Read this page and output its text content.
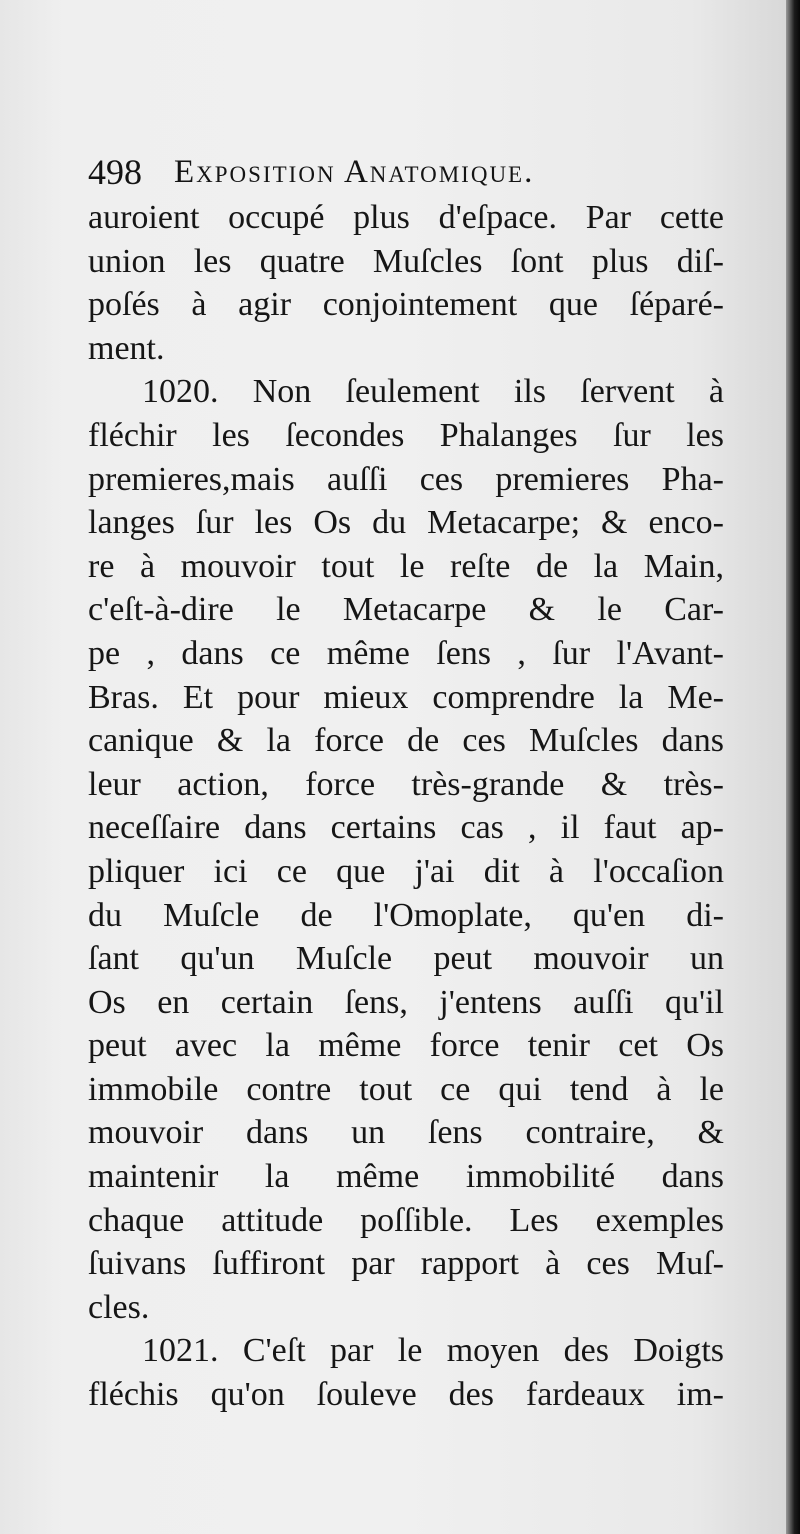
498 Exposition Anatomique.
auroient occupé plus d'eſpace. Par cette
union les quatre Muſcles ſont plus diſ-
poſés à agir conjointement que ſéparé-
ment.
1020. Non ſeulement ils ſervent à
fléchir les ſecondes Phalanges ſur les
premieres,mais auſſi ces premieres Pha-
langes ſur les Os du Metacarpe; & enco-
re à mouvoir tout le reſte de la Main,
c'eſt-à-dire le Metacarpe & le Car-
pe , dans ce même ſens , ſur l'Avant-
Bras. Et pour mieux comprendre la Me-
canique & la force de ces Muſcles dans
leur action, force très-grande & très-
neceſſaire dans certains cas , il faut ap-
pliquer ici ce que j'ai dit à l'occaſion
du Muſcle de l'Omoplate, qu'en di-
ſant qu'un Muſcle peut mouvoir un
Os en certain ſens, j'entens auſſi qu'il
peut avec la même force tenir cet Os
immobile contre tout ce qui tend à le
mouvoir dans un ſens contraire, &
maintenir la même immobilité dans
chaque attitude poſſible. Les exemples
ſuivans ſuffiront par rapport à ces Muſ-
cles.
1021. C'eſt par le moyen des Doigts
fléchis qu'on ſouleve des fardeaux im-
